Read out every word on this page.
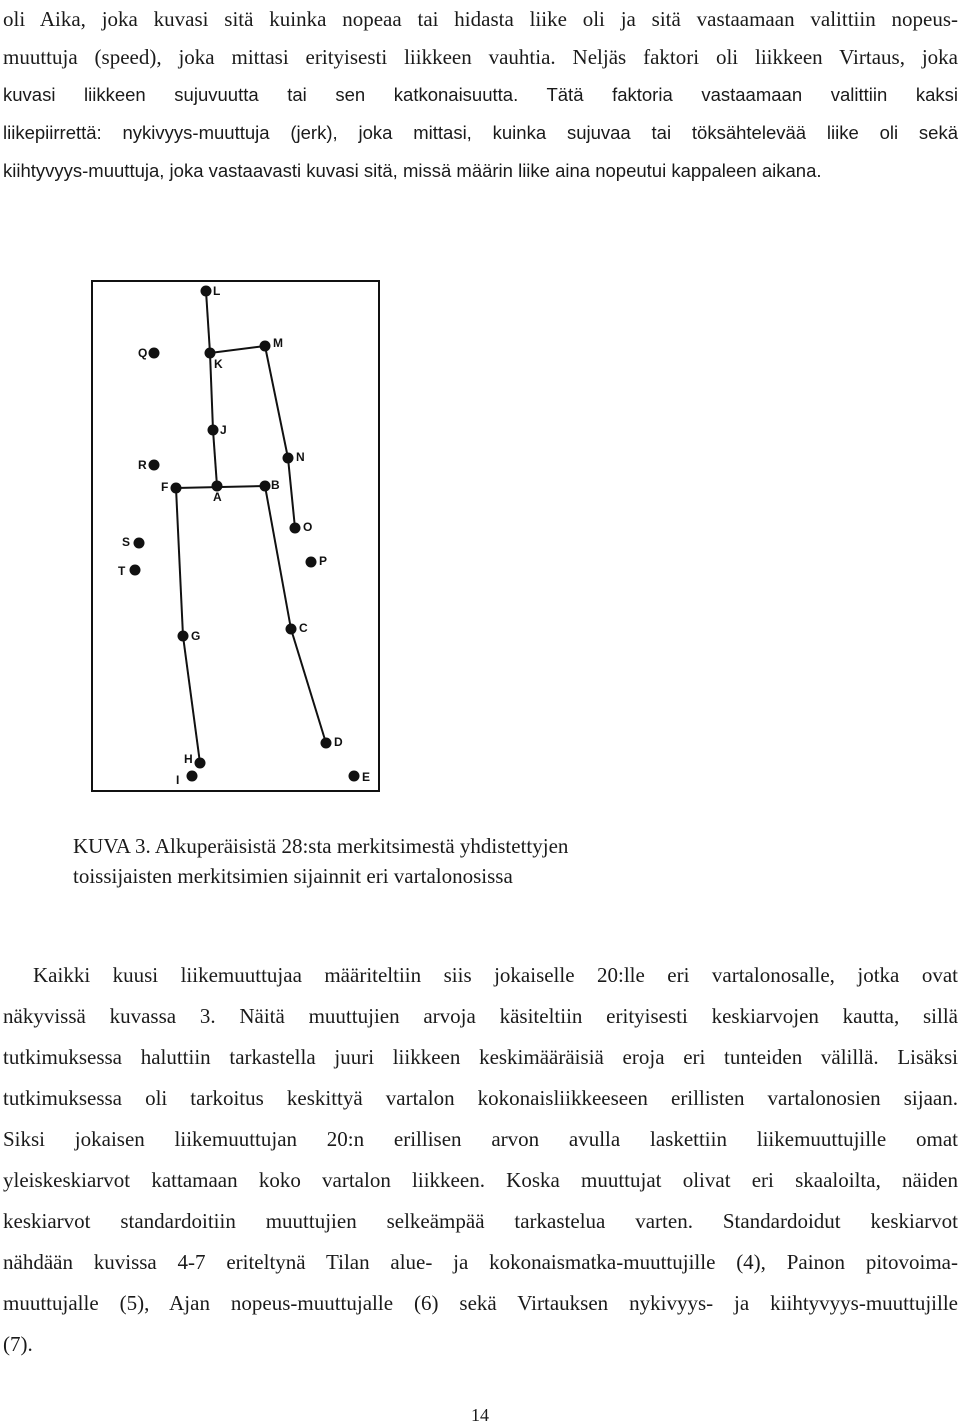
oli Aika, joka kuvasi sitä kuinka nopeaa tai hidasta liike oli ja sitä vastaamaan valittiin nopeus-
muuttuja (speed), joka mittasi erityisesti liikkeen vauhtia. Neljäs faktori oli liikkeen Virtaus, joka
kuvasi liikkeen sujuvuutta tai sen katkonaisuutta. Tätä faktoria vastaamaan valittiin kaksi
liikepiirrettä: nykivyys-muuttuja (jerk), joka mittasi, kuinka sujuvaa tai töksähtelevää liike oli sekä
kiihtyvyys-muuttuja, joka vastaavasti kuvasi sitä, missä määrin liike aina nopeutui kappaleen aikana.
L
Q
K
M
J
N
R
F
A
B
O
S
P
T
G
C
H
D
I	E

KUVA 3. Alkuperäisistä 28:sta merkitsimestä yhdistettyjen

toissijaisten merkitsimien sijainnit eri vartalonosissa

Kaikki kuusi liikemuuttujaa määriteltiin siis jokaiselle 20:lle eri vartalonosalle, jotka ovat
näkyvissä kuvassa 3. Näitä muuttujien arvoja käsiteltiin erityisesti keskiarvojen kautta, sillä
tutkimuksessa haluttiin tarkastella juuri liikkeen keskimääräisiä eroja eri tunteiden välillä. Lisäksi
tutkimuksessa oli tarkoitus keskittyä vartalon kokonaisliikkeeseen erillisten vartalonosien sijaan.
Siksi jokaisen liikemuuttujan 20:n erillisen arvon avulla laskettiin liikemuuttujille omat
yleiskeskiarvot kattamaan koko vartalon liikkeen. Koska muuttujat olivat eri skaaloilta, näiden
keskiarvot standardoitiin muuttujien selkeämpää tarkastelua varten. Standardoidut keskiarvot
nähdään kuvissa 4-7 eriteltynä Tilan alue- ja kokonaismatka-muuttujille (4), Painon pitovoima-
muuttujalle (5), Ajan nopeus-muuttujalle (6) sekä Virtauksen nykivyys- ja kiihtyvyys-muuttujille
(7).
14
